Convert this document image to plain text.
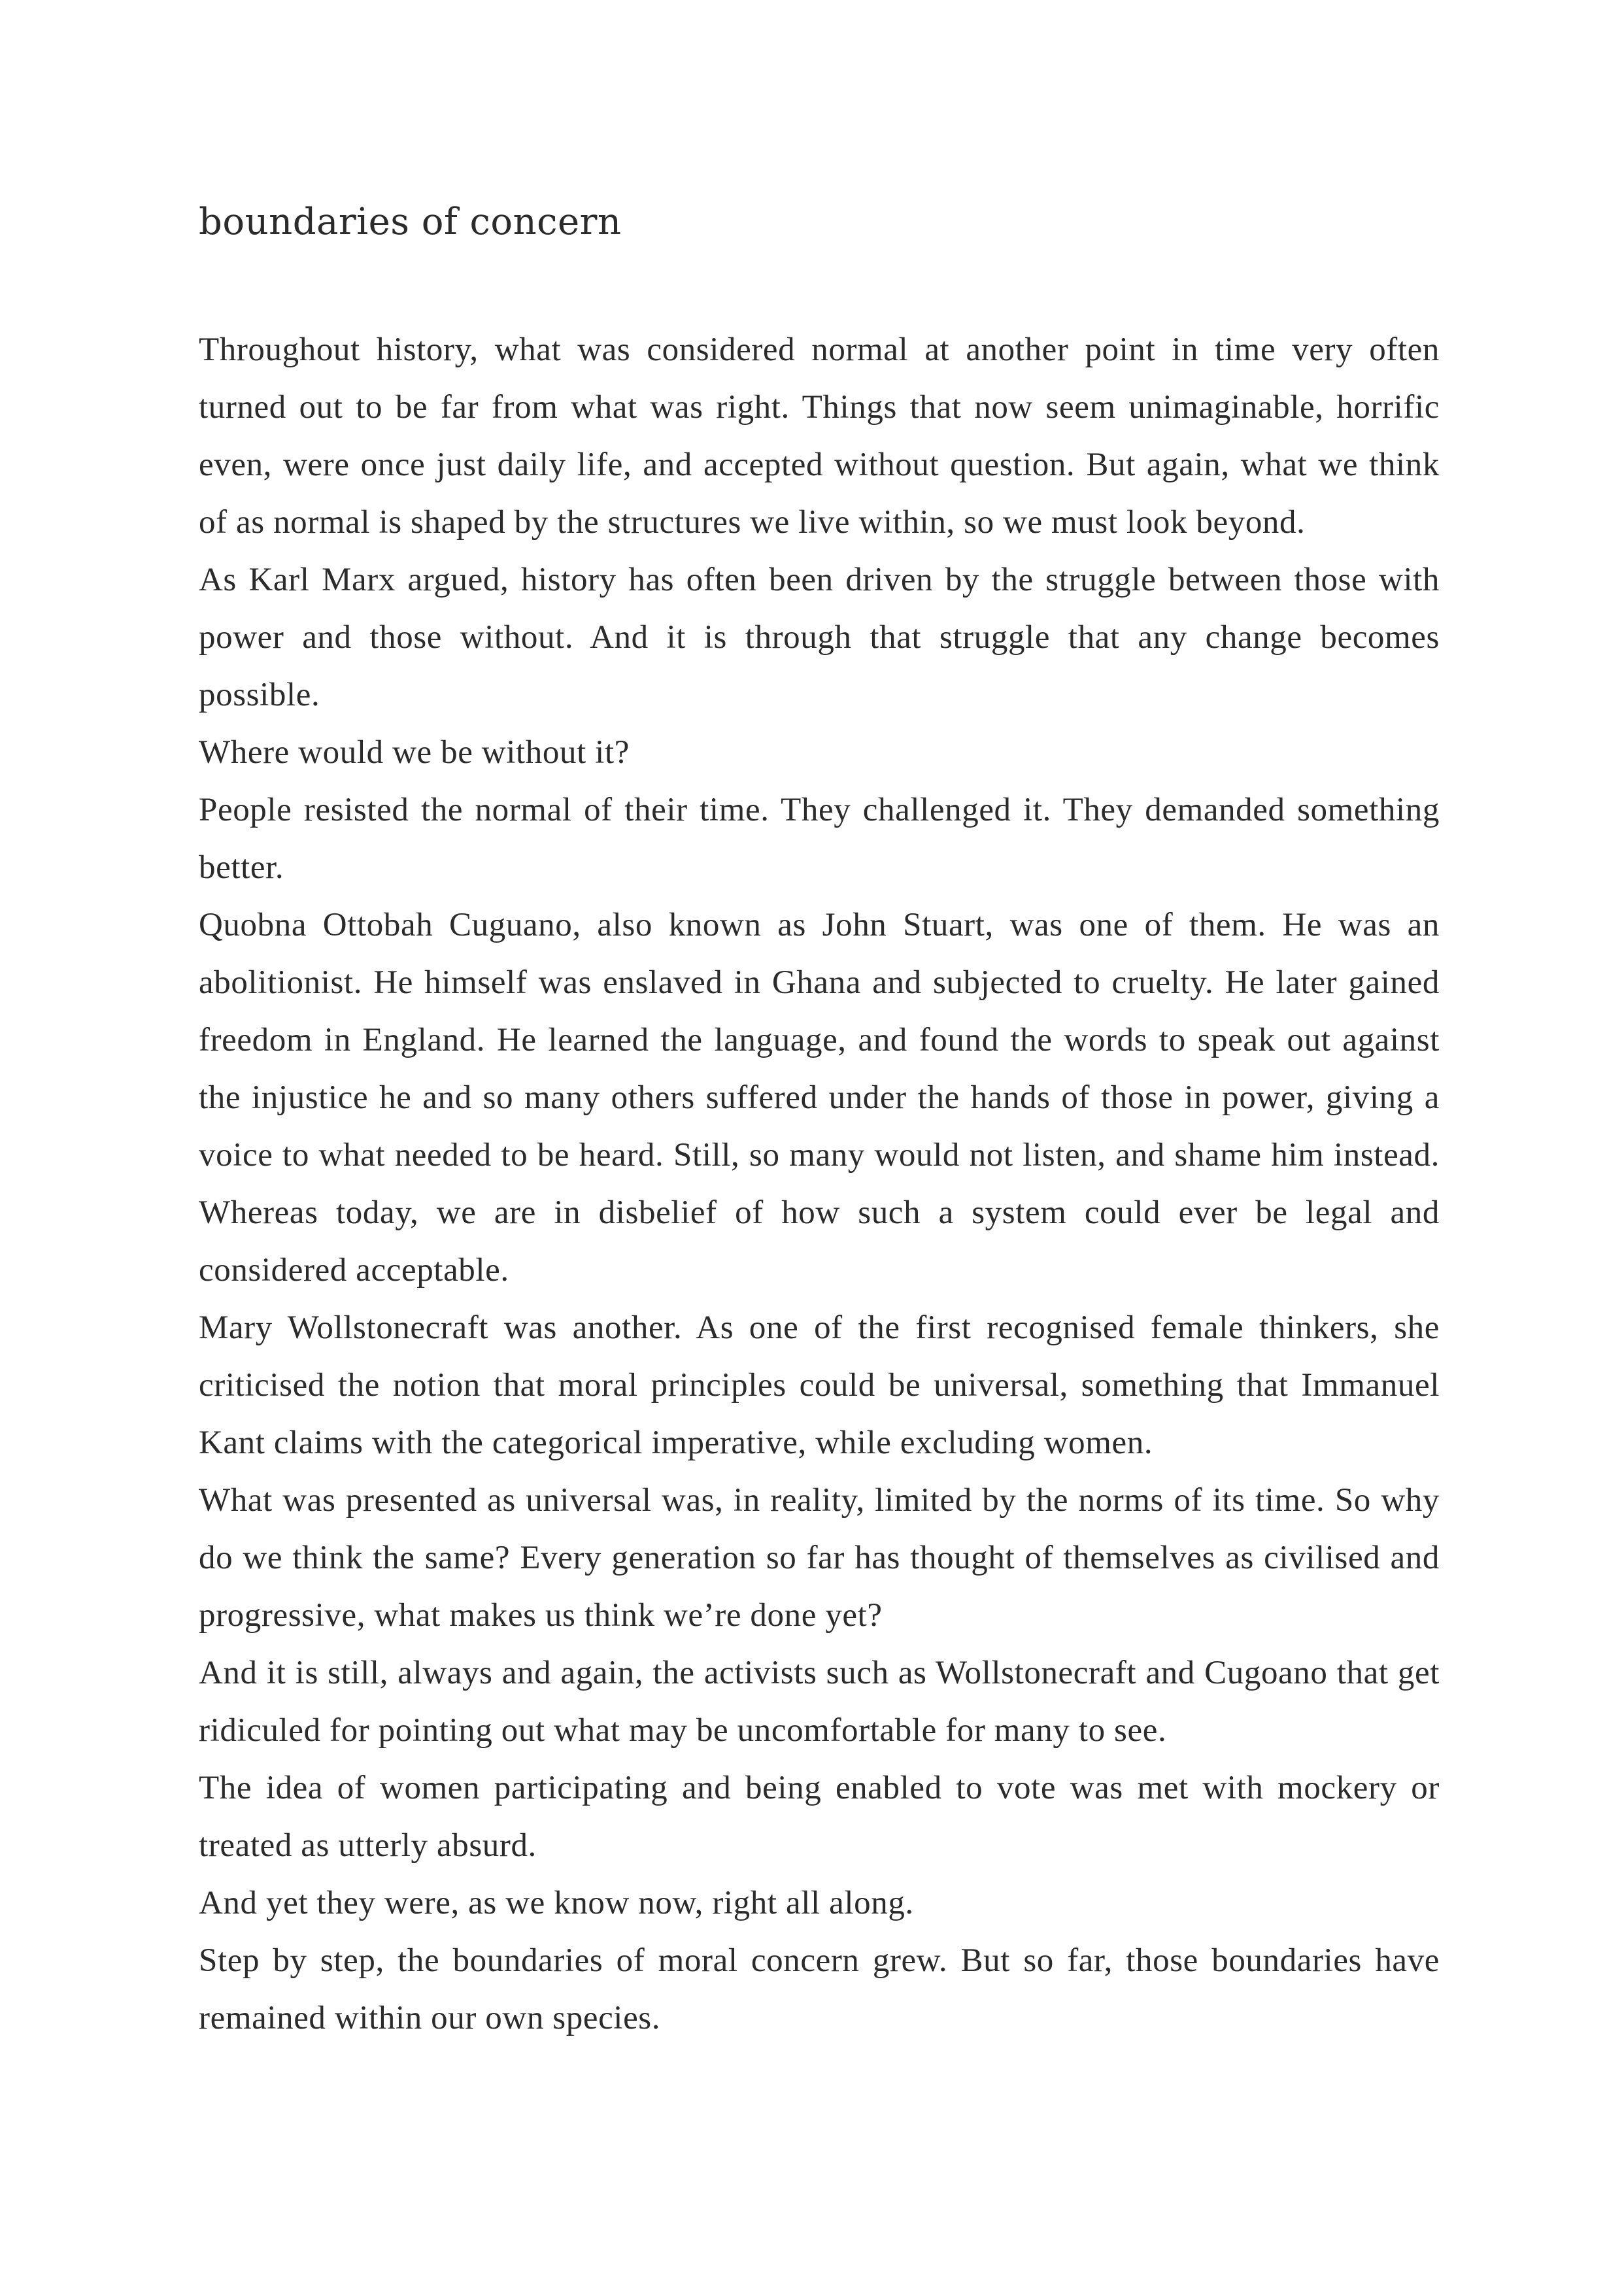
boundaries of concern

Throughout history, what was considered normal at another point in time very often turned out to be far from what was right. Things that now seem unimaginable, horrific even, were once just daily life, and accepted without question. But again, what we think of as normal is shaped by the structures we live within, so we must look beyond.

As Karl Marx argued, history has often been driven by the struggle between those with power and those without. And it is through that struggle that any change becomes possible.

Where would we be without it?

People resisted the normal of their time. They challenged it. They demanded something better.

Quobna Ottobah Cuguano, also known as John Stuart, was one of them. He was an abolitionist. He himself was enslaved in Ghana and subjected to cruelty. He later gained freedom in England. He learned the language, and found the words to speak out against the injustice he and so many others suffered under the hands of those in power, giving a voice to what needed to be heard. Still, so many would not listen, and shame him instead. Whereas today, we are in disbelief of how such a system could ever be legal and considered acceptable.

Mary Wollstonecraft was another. As one of the first recognised female thinkers, she criticised the notion that moral principles could be universal, something that Immanuel Kant claims with the categorical imperative, while excluding women.

What was presented as universal was, in reality, limited by the norms of its time. So why do we think the same? Every generation so far has thought of themselves as civilised and progressive, what makes us think we’re done yet?

And it is still, always and again, the activists such as Wollstonecraft and Cugoano that get ridiculed for pointing out what may be uncomfortable for many to see.

The idea of women participating and being enabled to vote was met with mockery or treated as utterly absurd.

And yet they were, as we know now, right all along.

Step by step, the boundaries of moral concern grew. But so far, those boundaries have remained within our own species.
